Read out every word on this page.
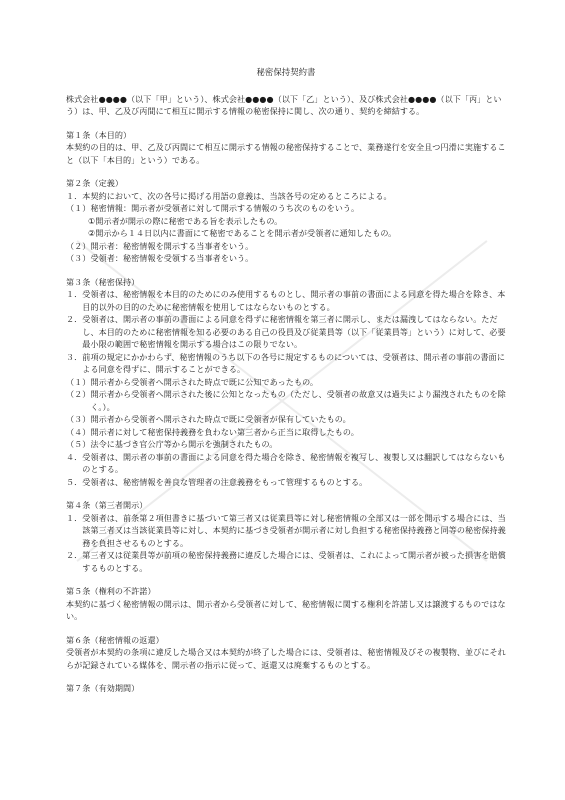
秘密保持契約書

株式会社●●●●（以下「甲」という）、株式会社●●●●（以下「乙」という）、及び株式会社●●●●（以下「丙」という）は、甲、乙及び丙間にて相互に開示する情報の秘密保持に関し、次の通り、契約を締結する。

第１条（本目的）

本契約の目的は、甲、乙及び丙間にて相互に開示する情報の秘密保持することで、業務遂行を安全且つ円滑に実施すること（以下「本目的」という）である。

第２条（定義）

１． 本契約において、次の各号に掲げる用語の意義は、当該各号の定めるところによる。
（１） 秘密情報：開示者が受領者に対して開示する情報のうち次のものをいう。

①開示者が開示の際に秘密である旨を表示したもの。

②開示から１４日以内に書面にて秘密であることを開示者が受領者に通知したもの。

（２） 開示者：秘密情報を開示する当事者をいう。
（３） 受領者：秘密情報を受領する当事者をいう。

第３条（秘密保持）

１． 受領者は、秘密情報を本目的のためにのみ使用するものとし、開示者の事前の書面による同意を得た場合を除き、本目的以外の目的のために秘密情報を使用してはならないものとする。
２． 受領者は、開示者の事前の書面による同意を得ずに秘密情報を第三者に開示し、または漏洩してはならない。ただし、本目的のために秘密情報を知る必要のある自己の役員及び従業員等（以下「従業員等」という）に対して、必要最小限の範囲で秘密情報を開示する場合はこの限りでない。
３． 前項の規定にかかわらず、秘密情報のうち以下の各号に規定するものについては、受領者は、開示者の事前の書面による同意を得ずに、開示することができる。
（１） 開示者から受領者へ開示された時点で既に公知であったもの。
（２） 開示者から受領者へ開示された後に公知となったもの（ただし、受領者の故意又は過失により漏洩されたものを除く。）。
（３） 開示者から受領者へ開示された時点で既に受領者が保有していたもの。
（４） 開示者に対して秘密保持義務を負わない第三者から正当に取得したもの。
（５） 法令に基づき官公庁等から開示を強制されたもの。
４． 受領者は、開示者の事前の書面による同意を得た場合を除き、秘密情報を複写し、複製し又は翻訳してはならないものとする。
５． 受領者は、秘密情報を善良な管理者の注意義務をもって管理するものとする。

第４条（第三者開示）

１． 受領者は、前条第２項但書きに基づいて第三者又は従業員等に対し秘密情報の全部又は一部を開示する場合には、当該第三者又は当該従業員等に対し、本契約に基づき受領者が開示者に対し負担する秘密保持義務と同等の秘密保持義務を負担させるものとする。
２． 第三者又は従業員等が前項の秘密保持義務に違反した場合には、受領者は、これによって開示者が被った損害を賠償するものとする。

第５条（権利の不許諾）

本契約に基づく秘密情報の開示は、開示者から受領者に対して、秘密情報に関する権利を許諾し又は譲渡するものではない。

第６条（秘密情報の返還）

受領者が本契約の条項に違反した場合又は本契約が終了した場合には、受領者は、秘密情報及びその複製物、並びにそれらが記録されている媒体を、開示者の指示に従って、返還又は廃棄するものとする。

第７条（有効期間）
